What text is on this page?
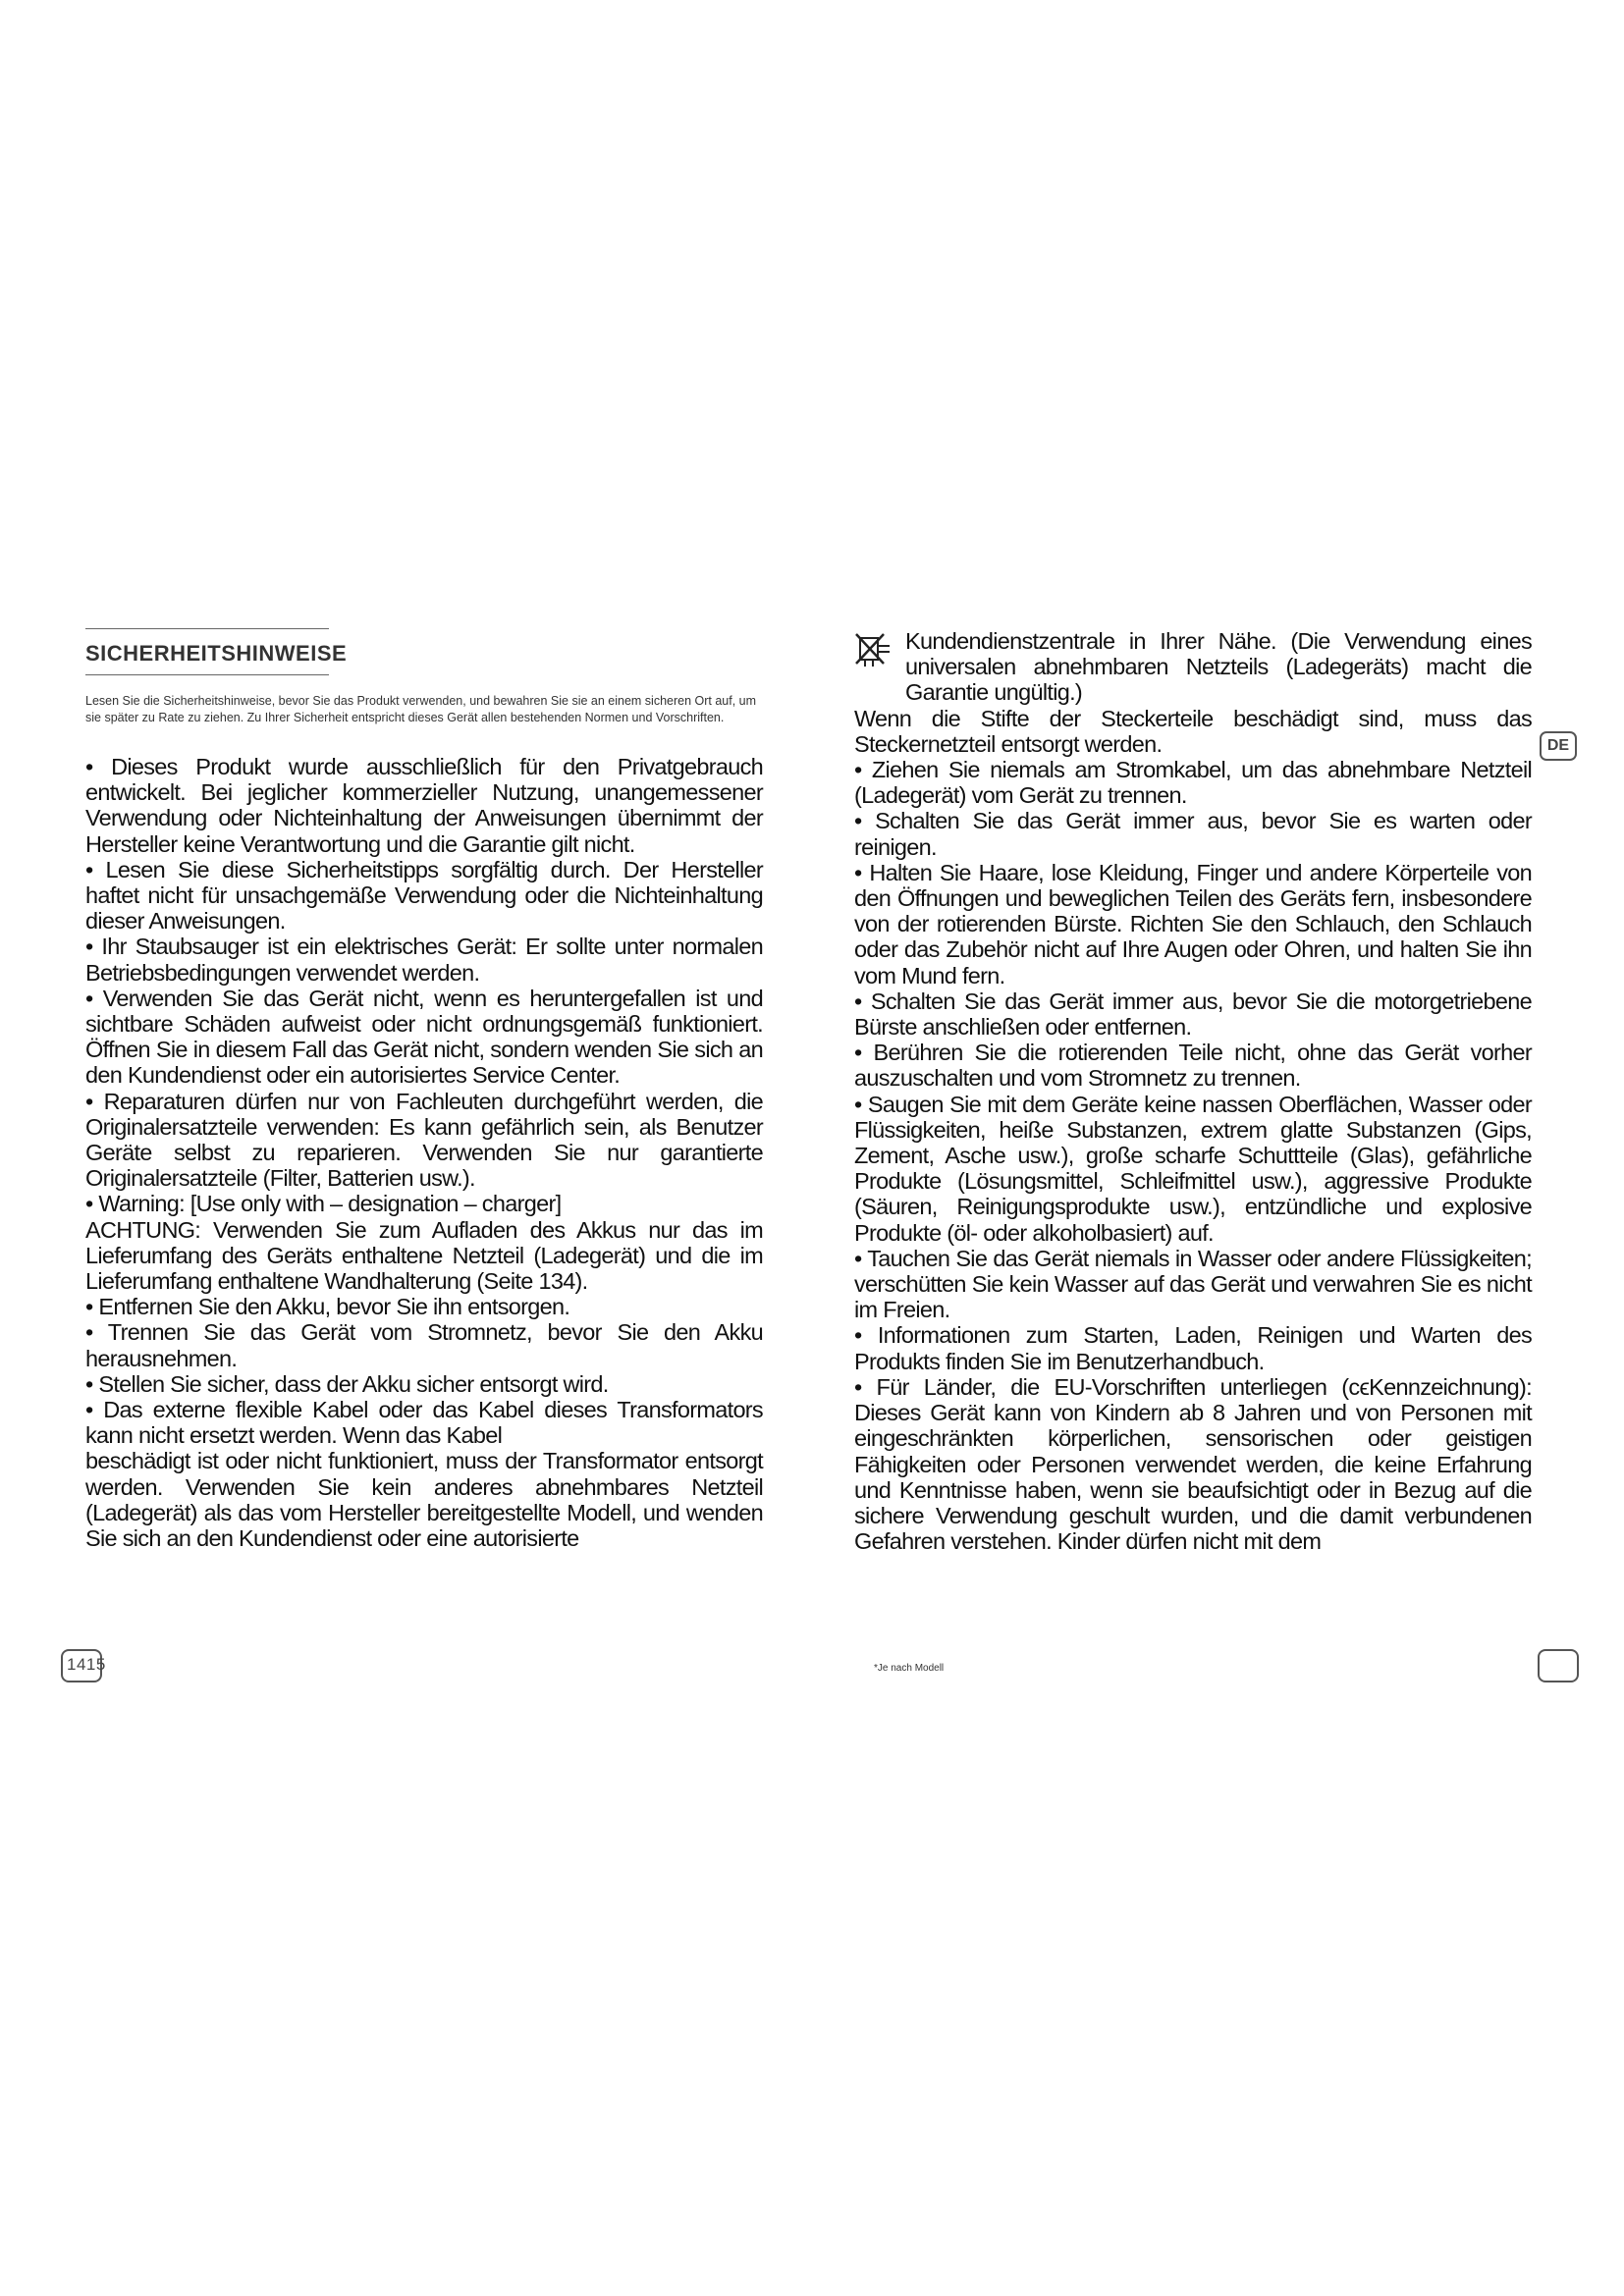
SICHERHEITSHINWEISE

Lesen Sie die Sicherheitshinweise, bevor Sie das Produkt verwenden, und bewahren Sie sie an einem sicheren Ort auf, um sie später zu Rate zu ziehen. Zu Ihrer Sicherheit entspricht dieses Gerät allen bestehenden Normen und Vorschriften.

• Dieses Produkt wurde ausschließlich für den Privatgebrauch entwickelt. Bei jeglicher kommerzieller Nutzung, unangemessener Verwendung oder Nichteinhaltung der Anweisungen übernimmt der Hersteller keine Verantwortung und die Garantie gilt nicht.

• Lesen Sie diese Sicherheitstipps sorgfältig durch. Der Hersteller haftet nicht für unsachgemäße Verwendung oder die Nichteinhaltung dieser Anweisungen.

• Ihr Staubsauger ist ein elektrisches Gerät: Er sollte unter normalen Betriebsbedingungen verwendet werden.

• Verwenden Sie das Gerät nicht, wenn es heruntergefallen ist und sichtbare Schäden aufweist oder nicht ordnungsgemäß funktioniert. Öffnen Sie in diesem Fall das Gerät nicht, sondern wenden Sie sich an den Kundendienst oder ein autorisiertes Service Center.

• Reparaturen dürfen nur von Fachleuten durchgeführt werden, die Originalersatzteile verwenden: Es kann gefährlich sein, als Benutzer Geräte selbst zu reparieren. Verwenden Sie nur garantierte Originalersatzteile (Filter, Batterien usw.).

• Warning: [Use only with – designation – charger]

ACHTUNG: Verwenden Sie zum Aufladen des Akkus nur das im Lieferumfang des Geräts enthaltene Netzteil (Ladegerät) und die im Lieferumfang enthaltene Wandhalterung (Seite 134).

• Entfernen Sie den Akku, bevor Sie ihn entsorgen.

• Trennen Sie das Gerät vom Stromnetz, bevor Sie den Akku herausnehmen.

• Stellen Sie sicher, dass der Akku sicher entsorgt wird.

• Das externe flexible Kabel oder das Kabel dieses Transformators kann nicht ersetzt werden. Wenn das Kabel

beschädigt ist oder nicht funktioniert, muss der Transformator entsorgt werden. Verwenden Sie kein anderes abnehmbares Netzteil (Ladegerät) als das vom Hersteller bereitgestellte Modell, und wenden Sie sich an den Kundendienst oder eine autorisierte

Kundendienstzentrale in Ihrer Nähe. (Die Verwendung eines universalen abnehmbaren Netzteils (Ladegeräts) macht die Garantie ungültig.)

Wenn die Stifte der Steckerteile beschädigt sind, muss das Steckernetzteil entsorgt werden.

• Ziehen Sie niemals am Stromkabel, um das abnehmbare Netzteil (Ladegerät) vom Gerät zu trennen.

• Schalten Sie das Gerät immer aus, bevor Sie es warten oder reinigen.

• Halten Sie Haare, lose Kleidung, Finger und andere Körperteile von den Öffnungen und beweglichen Teilen des Geräts fern, insbesondere von der rotierenden Bürste. Richten Sie den Schlauch, den Schlauch oder das Zubehör nicht auf Ihre Augen oder Ohren, und halten Sie ihn vom Mund fern.

• Schalten Sie das Gerät immer aus, bevor Sie die motorgetriebene Bürste anschließen oder entfernen.

• Berühren Sie die rotierenden Teile nicht, ohne das Gerät vorher auszuschalten und vom Stromnetz zu trennen.

• Saugen Sie mit dem Geräte keine nassen Oberflächen, Wasser oder Flüssigkeiten, heiße Substanzen, extrem glatte Substanzen (Gips, Zement, Asche usw.), große scharfe Schuttteile (Glas), gefährliche Produkte (Lösungsmittel, Schleifmittel usw.), aggressive Produkte (Säuren, Reinigungsprodukte usw.), entzündliche und explosive Produkte (öl- oder alkoholbasiert) auf.

• Tauchen Sie das Gerät niemals in Wasser oder andere Flüssigkeiten; verschütten Sie kein Wasser auf das Gerät und verwahren Sie es nicht im Freien.

• Informationen zum Starten, Laden, Reinigen und Warten des Produkts finden Sie im Benutzerhandbuch.

• Für Länder, die EU-Vorschriften unterliegen (ϲϵKennzeichnung): Dieses Gerät kann von Kindern ab 8 Jahren und von Personen mit eingeschränkten körperlichen, sensorischen oder geistigen Fähigkeiten oder Personen verwendet werden, die keine Erfahrung und Kenntnisse haben, wenn sie beaufsichtigt oder in Bezug auf die sichere Verwendung geschult wurden, und die damit verbundenen Gefahren verstehen. Kinder dürfen nicht mit dem

DE
1415	*Je nach Modell
